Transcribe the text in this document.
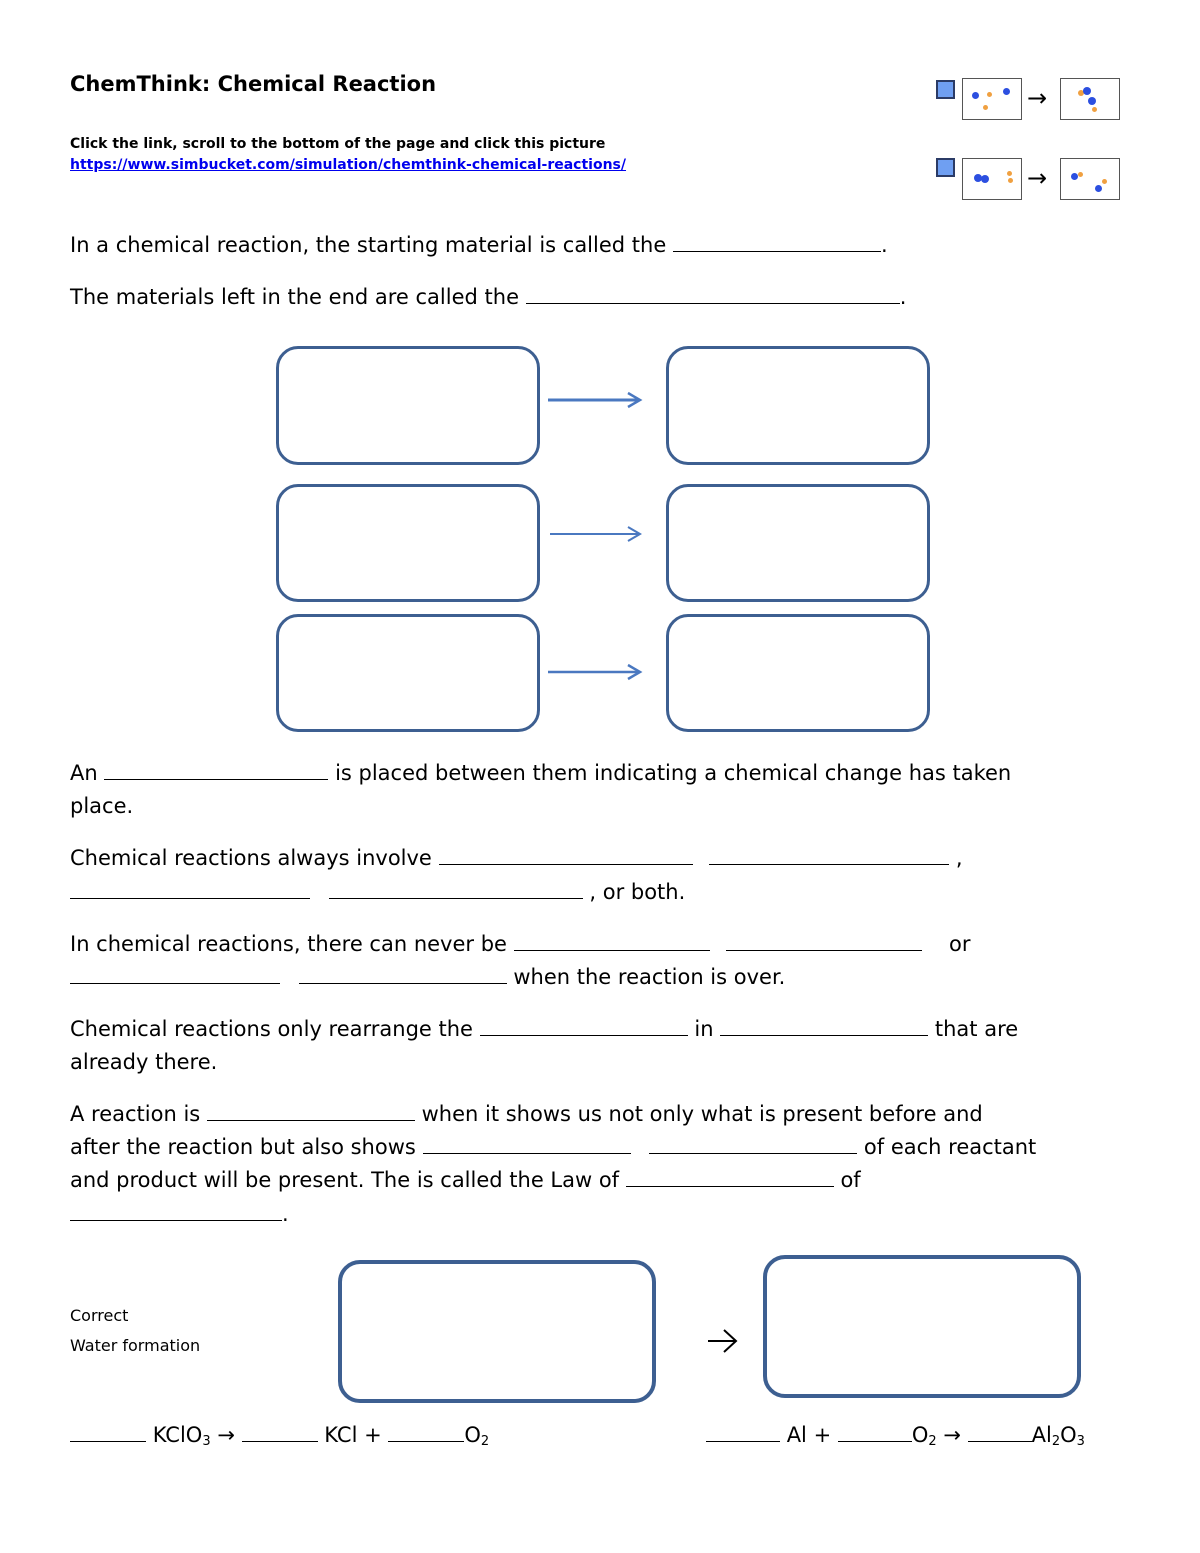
ChemThink: Chemical Reaction
Click the link, scroll to the bottom of the page and click this picture
https://www.simbucket.com/simulation/chemthink-chemical-reactions/
→
→
In a chemical reaction, the starting material is called the	.
The materials left in the end are called the	.
An	is placed between them indicating a chemical change has taken
place.
Chemical reactions always involve	,
, or both.
In chemical reactions, there can never be	or
when the reaction is over.
Chemical reactions only rearrange the	in	that are
already there.
A reaction is	when it shows us not only what is present before and
after the reaction but also shows	of each reactant
and product will be present. The is called the Law of	of
.
Correct
Water formation
KClO$_3$ →	KCl +	$O_2$	Al +	$O_2$ →	$Al_2O_3$
